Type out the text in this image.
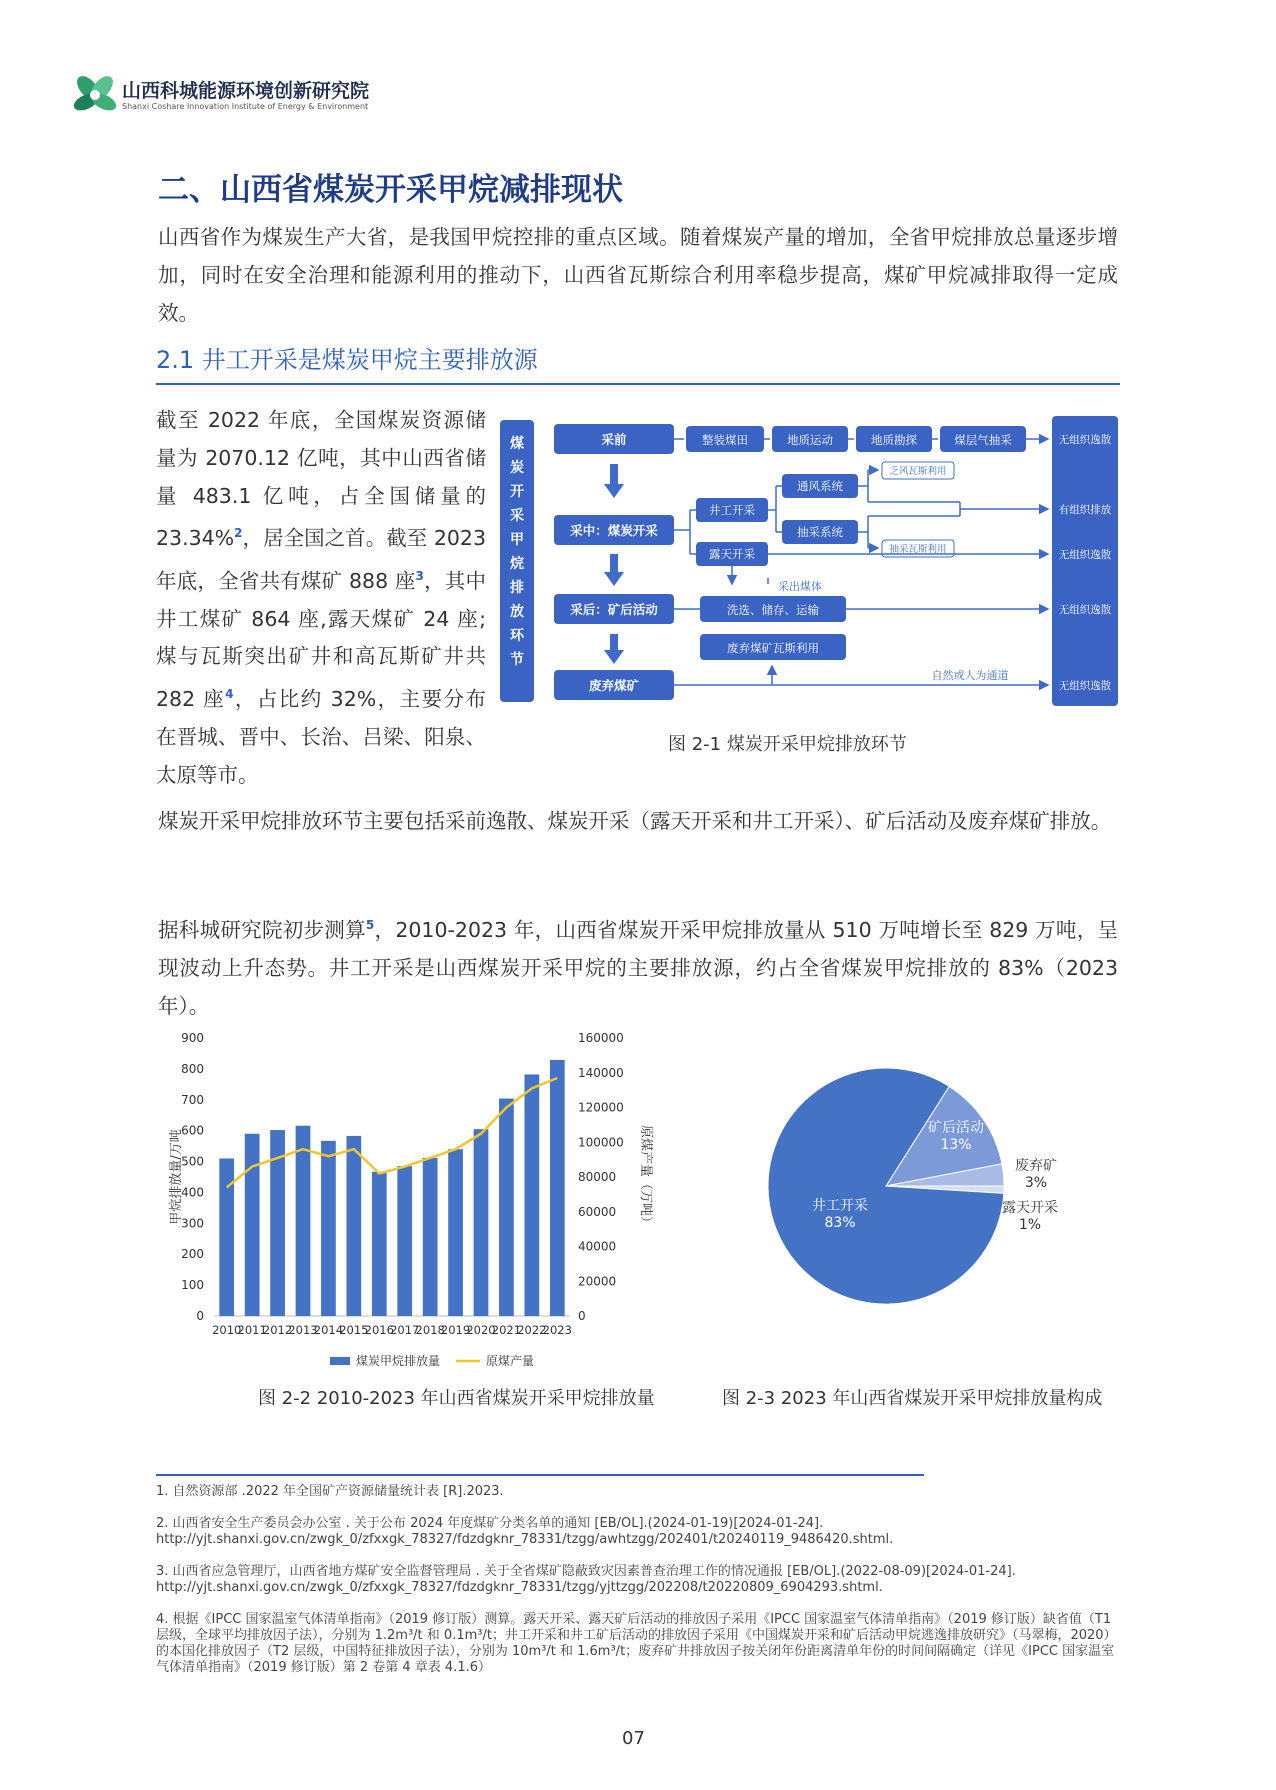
山西科城能源环境创新研究院
Shanxi Coshare Innovation Institute of Energy & Environment
二、山西省煤炭开采甲烷减排现状
山西省作为煤炭生产大省，是我国甲烷控排的重点区域。随着煤炭产量的增加，全省甲烷排放总量逐步增加，同时在安全治理和能源利用的推动下，山西省瓦斯综合利用率稳步提高，煤矿甲烷减排取得一定成效。
2.1 井工开采是煤炭甲烷主要排放源
截至 2022 年底，全国煤炭资源储量为 2070.12 亿吨，其中山西省储量 483.1 亿吨，占全国储量的 23.34%$^2$，居全国之首。截至 2023 年底，全省共有煤矿 888 座$^3$，其中井工煤矿 864 座,露天煤矿 24 座;煤与瓦斯突出矿井和高瓦斯矿井共 282 座$^4$，占比约 32%，主要分布在晋城、晋中、长治、吕梁、阳泉、太原等市。
煤
炭
开
采
甲
烷
排
放
环
节
采前
采中：煤炭开采
采后：矿后活动
废弃煤矿
整装煤田	地质运动	地质勘探	煤层气抽采
井工开采
露天开采
通风系统
抽采系统
乏风瓦斯利用
抽采瓦斯利用
采出煤体
洗选、储存、运输
废弃煤矿瓦斯利用
自然或人为通道
无组织逸散
有组织排放
无组织逸散
无组织逸散
无组织逸散
图 2-1 煤炭开采甲烷排放环节
煤炭开采甲烷排放环节主要包括采前逸散、煤炭开采（露天开采和井工开采）、矿后活动及废弃煤矿排放。
据科城研究院初步测算$^5$，2010-2023 年，山西省煤炭开采甲烷排放量从 510 万吨增长至 829 万吨，呈现波动上升态势。井工开采是山西煤炭开采甲烷的主要排放源，约占全省煤炭甲烷排放的 83%（2023 年）。
0
100
200
300
400
500
600
700
800
900
0
20000
40000
60000
80000
100000
120000
140000
160000
2010
2011
2012
2013
2014
2015
2016
2017
2018
2019
2020
2021
2022
2023
甲烷排放量/万吨	原煤产量（万吨）
煤炭甲烷排放量	原煤产量
图 2-2 2010-2023 年山西省煤炭开采甲烷排放量
井工开采
83%
矿后活动
13%
废弃矿
3%
露天开采
1%
图 2-3 2023 年山西省煤炭开采甲烷排放量构成
1. 自然资源部 .2022 年全国矿产资源储量统计表 [R].2023.
2. 山西省安全生产委员会办公室 . 关于公布 2024 年度煤矿分类名单的通知 [EB/OL].(2024-01-19)[2024-01-24].
http://yjt.shanxi.gov.cn/zwgk_0/zfxxgk_78327/fdzdgknr_78331/tzgg/awhtzgg/202401/t20240119_9486420.shtml.
3. 山西省应急管理厅，山西省地方煤矿安全监督管理局 . 关于全省煤矿隐蔽致灾因素普查治理工作的情况通报 [EB/OL].(2022-08-09)[2024-01-24].
http://yjt.shanxi.gov.cn/zwgk_0/zfxxgk_78327/fdzdgknr_78331/tzgg/yjttzgg/202208/t20220809_6904293.shtml.
4. 根据《IPCC 国家温室气体清单指南》（2019 修订版）测算。露天开采、露天矿后活动的排放因子采用《IPCC 国家温室气体清单指南》（2019 修订版）缺省值（T1 层级，全球平均排放因子法），分别为 1.2m³/t 和 0.1m³/t；井工开采和井工矿后活动的排放因子采用《中国煤炭开采和矿后活动甲烷逃逸排放研究》（马翠梅，2020）的本国化排放因子（T2 层级，中国特征排放因子法），分别为 10m³/t 和 1.6m³/t；废弃矿井排放因子按关闭年份距离清单年份的时间间隔确定（详见《IPCC 国家温室气体清单指南》（2019 修订版）第 2 卷第 4 章表 4.1.6）
07
